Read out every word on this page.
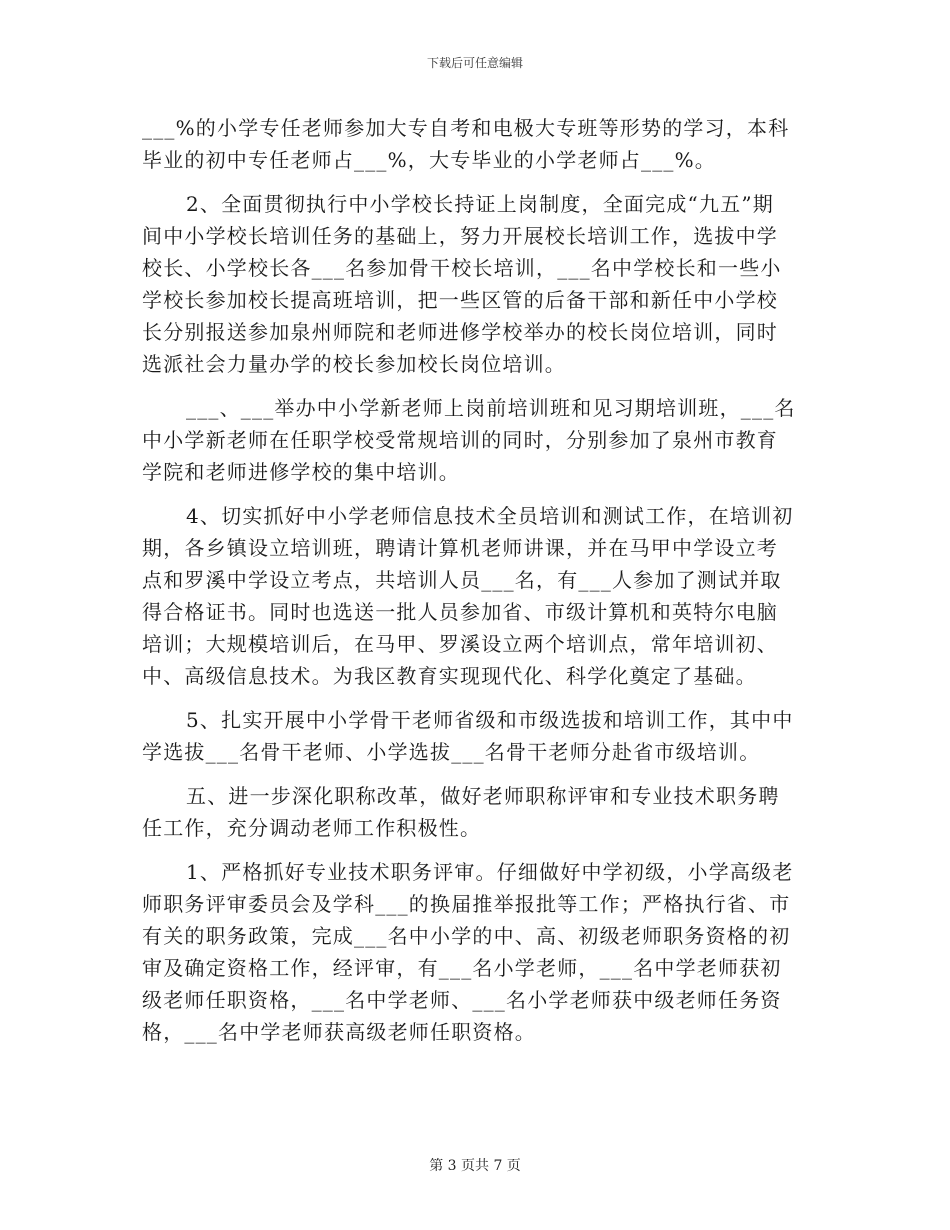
下载后可任意编辑

___%的小学专任老师参加大专自考和电极大专班等形势的学习，本科
毕业的初中专任老师占___%，大专毕业的小学老师占___%。

2、全面贯彻执行中小学校长持证上岗制度，全面完成“九五”期
间中小学校长培训任务的基础上，努力开展校长培训工作，选拔中学
校长、小学校长各___名参加骨干校长培训，___名中学校长和一些小
学校长参加校长提高班培训，把一些区管的后备干部和新任中小学校
长分别报送参加泉州师院和老师进修学校举办的校长岗位培训，同时
选派社会力量办学的校长参加校长岗位培训。

___、___举办中小学新老师上岗前培训班和见习期培训班，___名
中小学新老师在任职学校受常规培训的同时，分别参加了泉州市教育
学院和老师进修学校的集中培训。

4、切实抓好中小学老师信息技术全员培训和测试工作，在培训初
期，各乡镇设立培训班，聘请计算机老师讲课，并在马甲中学设立考
点和罗溪中学设立考点，共培训人员___名，有___人参加了测试并取
得合格证书。同时也选送一批人员参加省、市级计算机和英特尔电脑
培训；大规模培训后，在马甲、罗溪设立两个培训点，常年培训初、
中、高级信息技术。为我区教育实现现代化、科学化奠定了基础。

5、扎实开展中小学骨干老师省级和市级选拔和培训工作，其中中
学选拔___名骨干老师、小学选拔___名骨干老师分赴省市级培训。

五、进一步深化职称改革，做好老师职称评审和专业技术职务聘
任工作，充分调动老师工作积极性。

1、严格抓好专业技术职务评审。仔细做好中学初级，小学高级老
师职务评审委员会及学科___的换届推举报批等工作；严格执行省、市
有关的职务政策，完成___名中小学的中、高、初级老师职务资格的初
审及确定资格工作，经评审，有___名小学老师，___名中学老师获初
级老师任职资格，___名中学老师、___名小学老师获中级老师任务资
格，___名中学老师获高级老师任职资格。

第 3 页共 7 页
